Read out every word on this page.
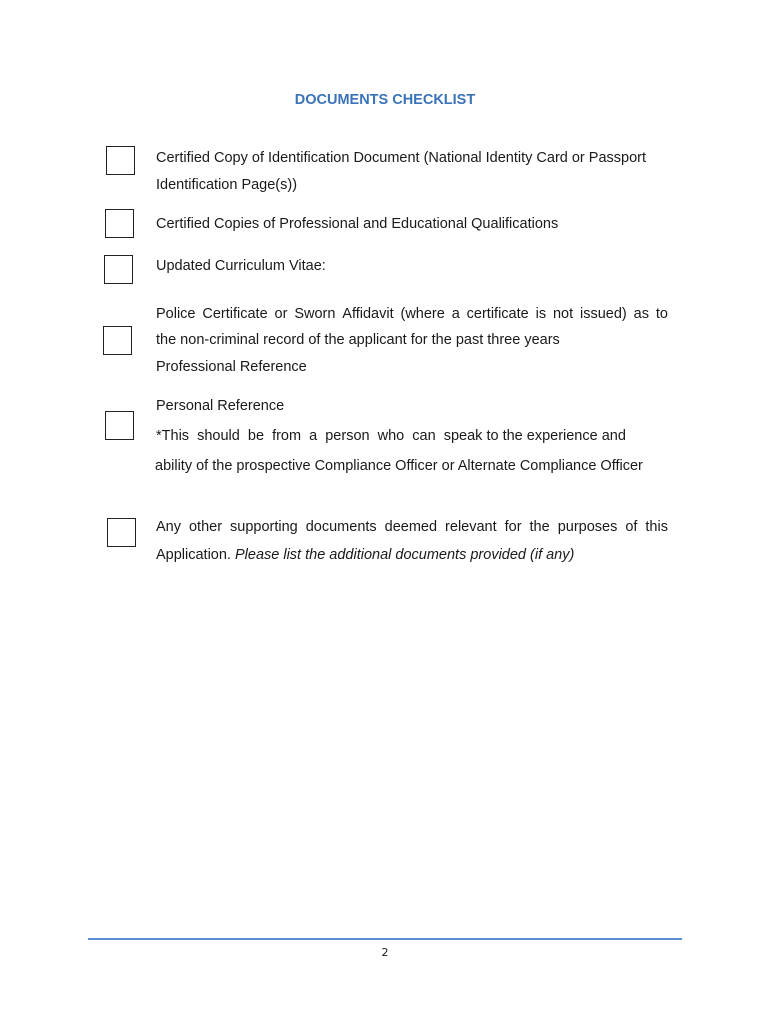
DOCUMENTS CHECKLIST
Certified Copy of Identification Document (National Identity Card or Passport
Identification Page(s))
Certified Copies of Professional and Educational Qualifications
Updated Curriculum Vitae:
Police Certificate or Sworn Affidavit (where a certificate is not issued) as to
the non-criminal record of the applicant for the past three years
Professional Reference
Personal Reference
*This  should  be  from  a  person  who  can  speak to the experience and
ability of the prospective Compliance Officer or Alternate Compliance Officer
Any other supporting documents deemed relevant for the purposes of this
Application. Please list the additional documents provided (if any)
2
